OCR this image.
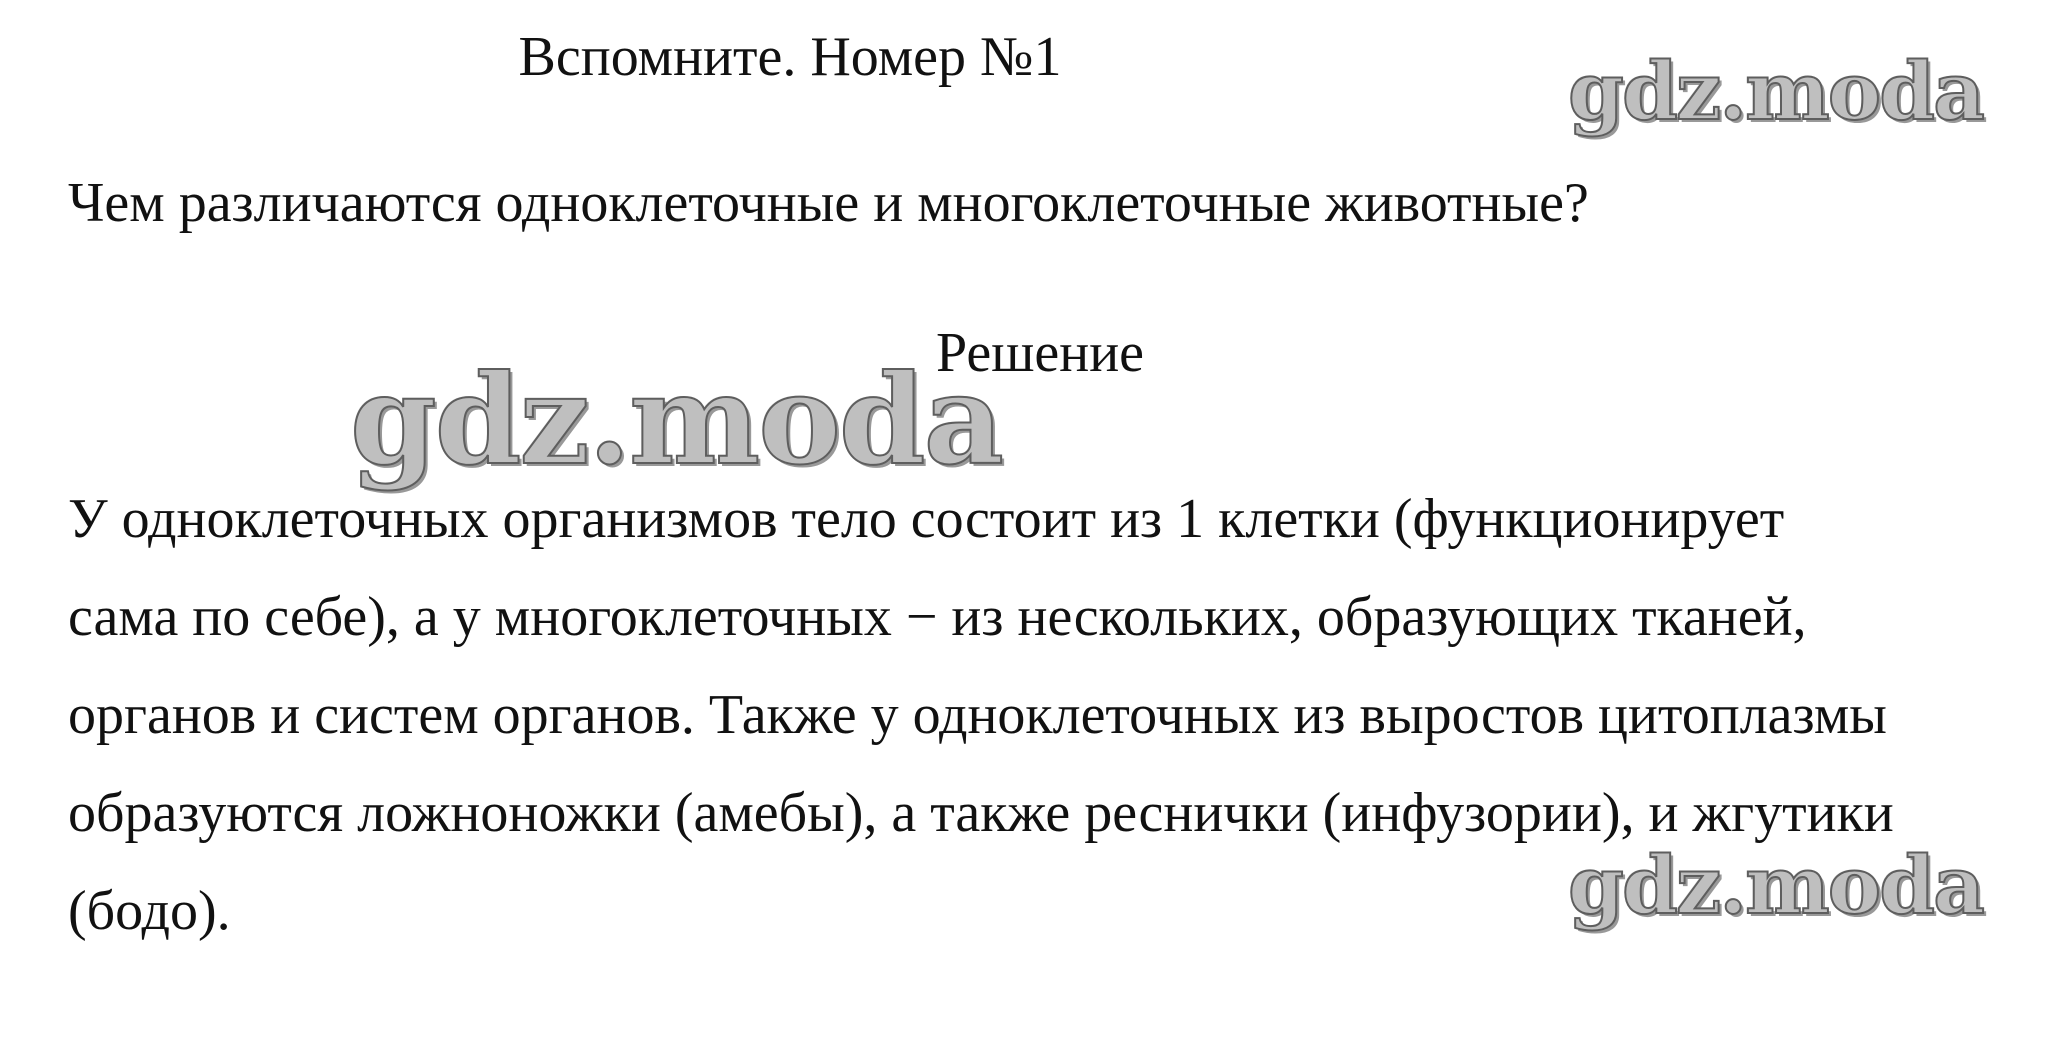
Вспомните. Номер №1	gdz.moda
Чем различаются одноклеточные и многоклеточные животные?
Решение
У одноклеточных организмов тело состоит из 1 клетки (функционирует
сама по себе), а у многоклеточных − из нескольких, образующих тканей,
органов и систем органов. Также у одноклеточных из выростов цитоплазмы
образуются ложноножки (амебы), а также реснички (инфузории), и жгутики
(бодо).
gdz.moda
gdz.moda
